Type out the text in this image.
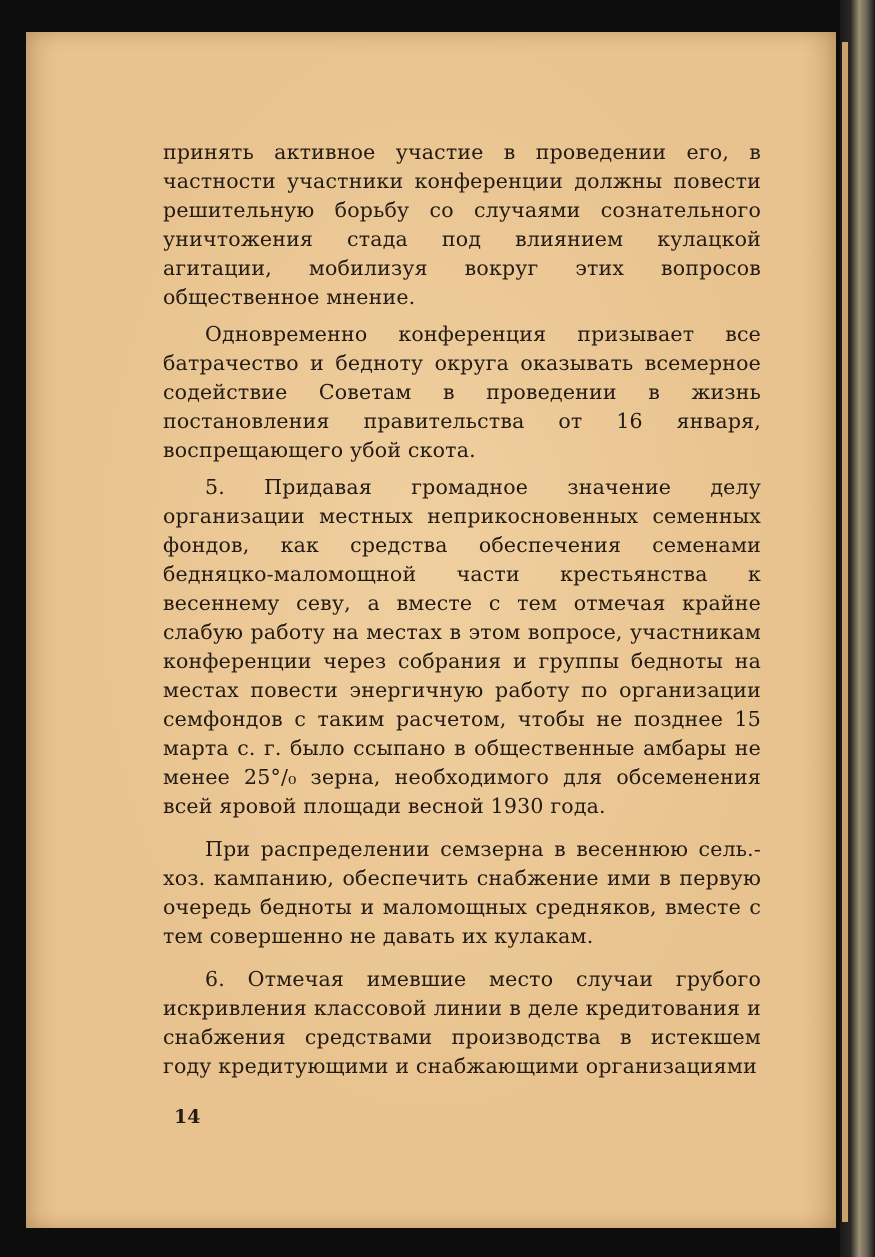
принять активное участие в проведении его, в частности участники конференции должны повести решительную борьбу со случаями сознательного уничтожения стада под влиянием кулацкой агитации, мобилизуя вокруг этих вопросов общественное мнение.

Одновременно конференция призывает все батрачество и бедноту округа оказывать всемерное содействие Советам в проведении в жизнь постановления правительства от 16 января, воспрещающего убой скота.

5. Придавая громадное значение делу организации местных неприкосновенных семенных фондов, как средства обеспечения семенами бедняцко-маломощной части крестьянства к весеннему севу, а вместе с тем отмечая крайне слабую работу на местах в этом вопросе, участникам конференции через собрания и группы бедноты на местах повести энергичную работу по организации семфондов с таким расчетом, чтобы не позднее 15 марта с. г. было ссыпано в общественные амбары не менее 25°/₀ зерна, необходимого для обсеменения всей яровой площади весной 1930 года.

При распределении семзерна в весеннюю сель.-хоз. кампанию, обеспечить снабжение ими в первую очередь бедноты и маломощных средняков, вместе с тем совершенно не давать их кулакам.

6. Отмечая имевшие место случаи грубого искривления классовой линии в деле кредитования и снабжения средствами производства в истекшем году кредитующими и снабжающими организациями

14
